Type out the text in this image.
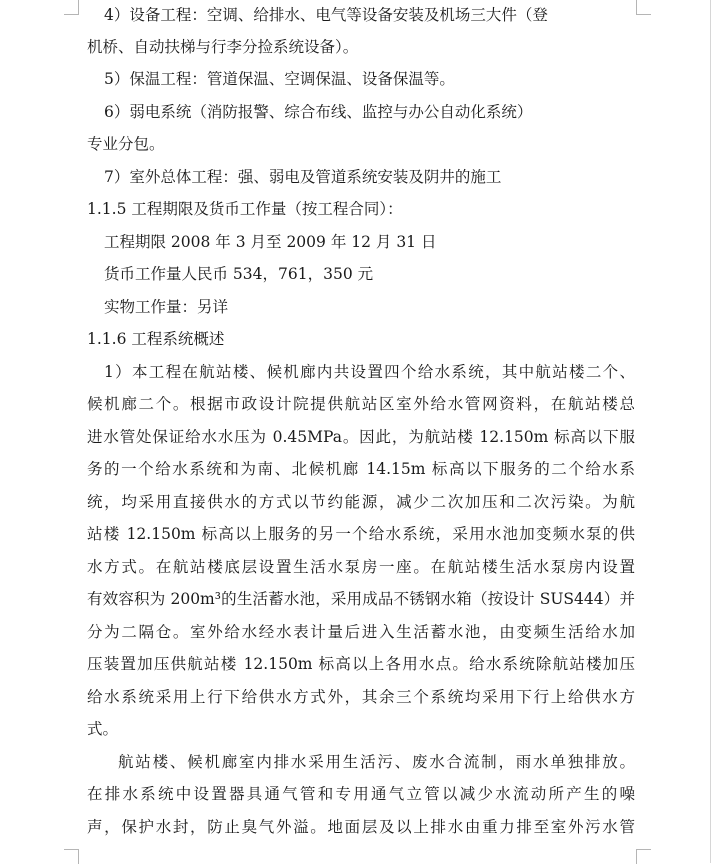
4）设备工程：空调、给排水、电气等设备安装及机场三大件（登
机桥、自动扶梯与行李分捡系统设备）。
5）保温工程：管道保温、空调保温、设备保温等。
6）弱电系统（消防报警、综合布线、监控与办公自动化系统）
专业分包。
7）室外总体工程：强、弱电及管道系统安装及阴井的施工
1.1.5 工程期限及货币工作量（按工程合同）：
工程期限 2008 年 3 月至 2009 年 12 月 31 日
货币工作量人民币 534，761，350 元
实物工作量：另详
1.1.6 工程系统概述
1）本工程在航站楼、候机廊内共设置四个给水系统，其中航站楼二个、
候机廊二个。根据市政设计院提供航站区室外给水管网资料，在航站楼总
进水管处保证给水水压为 0.45MPa。因此，为航站楼 12.150m 标高以下服
务的一个给水系统和为南、北候机廊 14.15m 标高以下服务的二个给水系
统，均采用直接供水的方式以节约能源，减少二次加压和二次污染。为航
站楼 12.150m 标高以上服务的另一个给水系统，采用水池加变频水泵的供
水方式。在航站楼底层设置生活水泵房一座。在航站楼生活水泵房内设置
有效容积为 200m³的生活蓄水池，采用成品不锈钢水箱（按设计 SUS444）并
分为二隔仓。室外给水经水表计量后进入生活蓄水池，由变频生活给水加
压装置加压供航站楼 12.150m 标高以上各用水点。给水系统除航站楼加压
给水系统采用上行下给供水方式外，其余三个系统均采用下行上给供水方
式。
航站楼、候机廊室内排水采用生活污、废水合流制，雨水单独排放。
在排水系统中设置器具通气管和专用通气立管以减少水流动所产生的噪
声，保护水封，防止臭气外溢。地面层及以上排水由重力排至室外污水管
